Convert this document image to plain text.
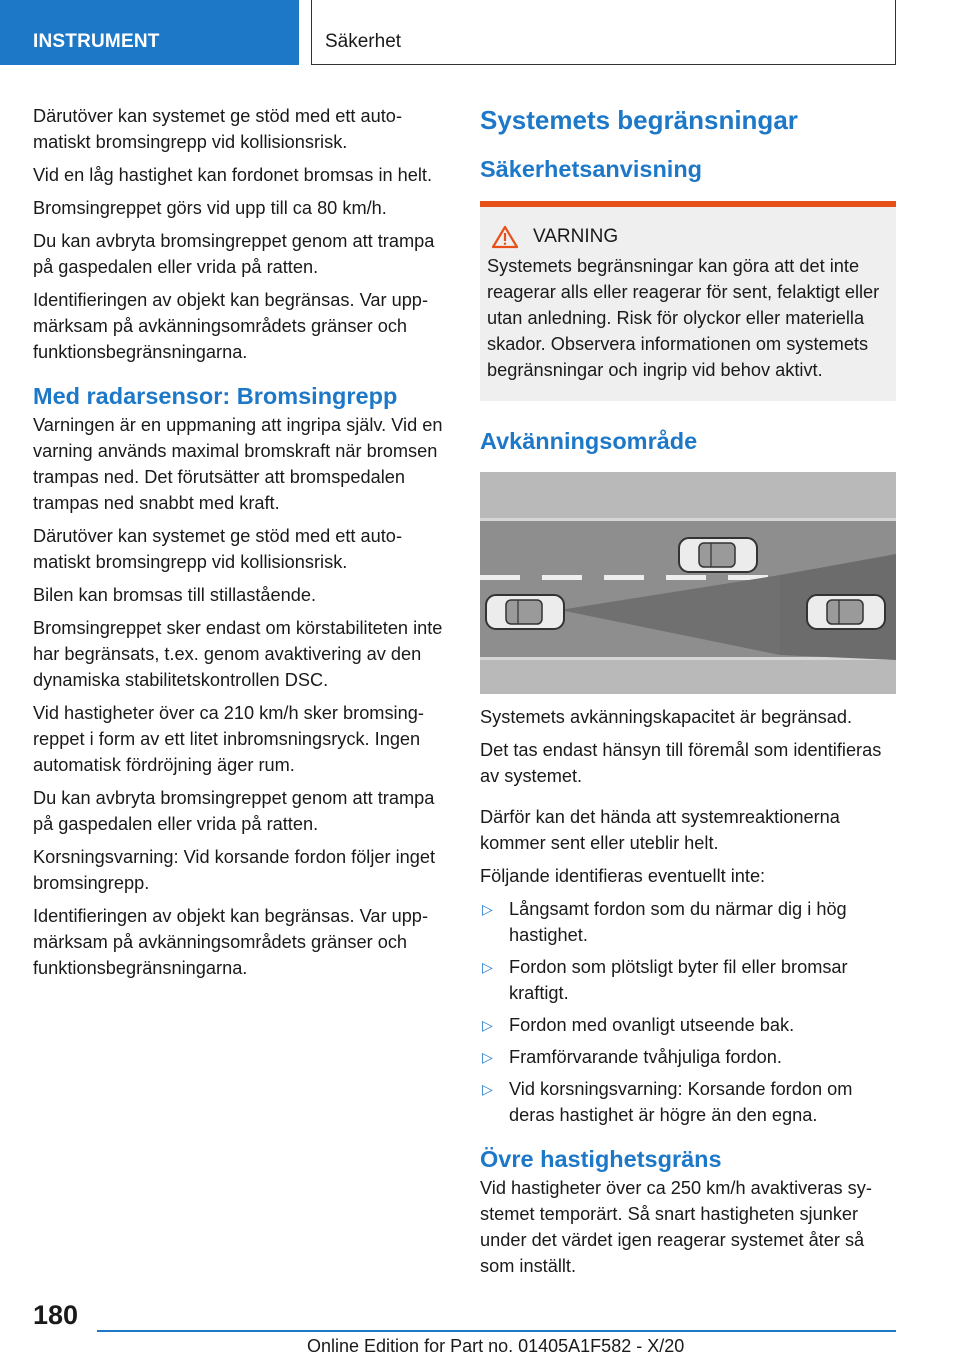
INSTRUMENT	Säkerhet

Därutöver kan systemet ge stöd med ett automatiskt bromsingrepp vid kollisionsrisk.

Vid en låg hastighet kan fordonet bromsas in helt.

Bromsingreppet görs vid upp till ca 80 km/h.

Du kan avbryta bromsingreppet genom att trampa på gaspedalen eller vrida på ratten.

Identifieringen av objekt kan begränsas. Var uppmärksam på avkänningsområdets gränser och funktionsbegränsningarna.

Med radarsensor: Bromsingrepp

Varningen är en uppmaning att ingripa själv. Vid en varning används maximal bromskraft när bromsen trampas ned. Det förutsätter att bromspedalen trampas ned snabbt med kraft.

Därutöver kan systemet ge stöd med ett automatiskt bromsingrepp vid kollisionsrisk.

Bilen kan bromsas till stillastående.

Bromsingreppet sker endast om körstabiliteten inte har begränsats, t.ex. genom avaktivering av den dynamiska stabilitetskontrollen DSC.

Vid hastigheter över ca 210 km/h sker bromsingreppet i form av ett litet inbromsningsryck. Ingen automatisk fördröjning äger rum.

Du kan avbryta bromsingreppet genom att trampa på gaspedalen eller vrida på ratten.

Korsningsvarning: Vid korsande fordon följer inget bromsingrepp.

Identifieringen av objekt kan begränsas. Var uppmärksam på avkänningsområdets gränser och funktionsbegränsningarna.

Systemets begränsningar
Säkerhetsanvisning
VARNING

Systemets begränsningar kan göra att det inte reagerar alls eller reagerar för sent, felaktigt eller utan anledning. Risk för olyckor eller materiella skador. Observera informationen om systemets begränsningar och ingrip vid behov aktivt.

Avkänningsområde

Systemets avkänningskapacitet är begränsad.

Det tas endast hänsyn till föremål som identifieras av systemet.

Därför kan det hända att systemreaktionerna kommer sent eller uteblir helt.

Följande identifieras eventuellt inte:

▷ Långsamt fordon som du närmar dig i hög hastighet.
▷ Fordon som plötsligt byter fil eller bromsar kraftigt.
▷ Fordon med ovanligt utseende bak.
▷ Framförvarande tvåhjuliga fordon.
▷ Vid korsningsvarning: Korsande fordon om deras hastighet är högre än den egna.
Övre hastighetsgräns

Vid hastigheter över ca 250 km/h avaktiveras systemet temporärt. Så snart hastigheten sjunker under det värdet igen reagerar systemet åter så som inställt.

180
Online Edition for Part no. 01405A1F582 - X/20
